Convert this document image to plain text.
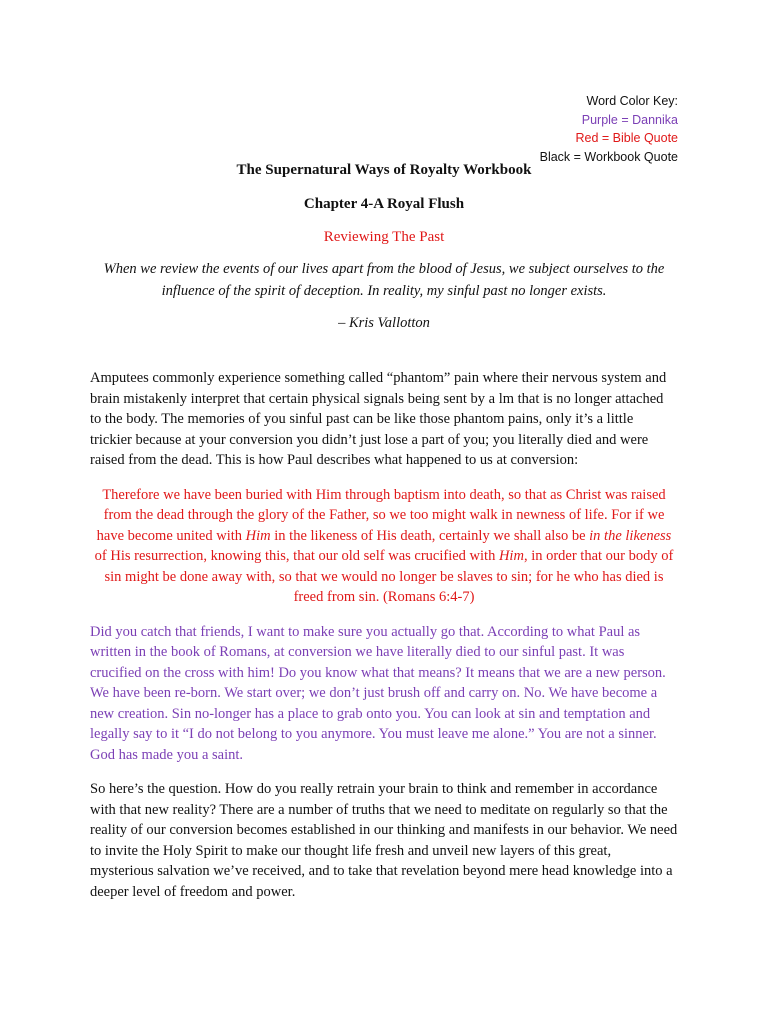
Word Color Key:
Purple = Dannika
Red = Bible Quote
Black = Workbook Quote

The Supernatural Ways of Royalty Workbook

Chapter 4-A Royal Flush

Reviewing The Past

When we review the events of our lives apart from the blood of Jesus, we subject ourselves to the influence of the spirit of deception. In reality, my sinful past no longer exists.

– Kris Vallotton

Amputees commonly experience something called “phantom” pain where their nervous system and brain mistakenly interpret that certain physical signals being sent by a lm that is no longer attached to the body. The memories of you sinful past can be like those phantom pains, only it’s a little trickier because at your conversion you didn’t just lose a part of you; you literally died and were raised from the dead. This is how Paul describes what happened to us at conversion:

Therefore we have been buried with Him through baptism into death, so that as Christ was raised from the dead through the glory of the Father, so we too might walk in newness of life. For if we have become united with Him in the likeness of His death, certainly we shall also be in the likeness of His resurrection, knowing this, that our old self was crucified with Him, in order that our body of sin might be done away with, so that we would no longer be slaves to sin; for he who has died is freed from sin. (Romans 6:4-7)

Did you catch that friends, I want to make sure you actually go that. According to what Paul as written in the book of Romans, at conversion we have literally died to our sinful past. It was crucified on the cross with him! Do you know what that means? It means that we are a new person. We have been re-born. We start over; we don’t just brush off and carry on. No. We have become a new creation. Sin no-longer has a place to grab onto you. You can look at sin and temptation and legally say to it “I do not belong to you anymore. You must leave me alone.” You are not a sinner. God has made you a saint.

So here’s the question. How do you really retrain your brain to think and remember in accordance with that new reality? There are a number of truths that we need to meditate on regularly so that the reality of our conversion becomes established in our thinking and manifests in our behavior. We need to invite the Holy Spirit to make our thought life fresh and unveil new layers of this great, mysterious salvation we’ve received, and to take that revelation beyond mere head knowledge into a deeper level of freedom and power.
